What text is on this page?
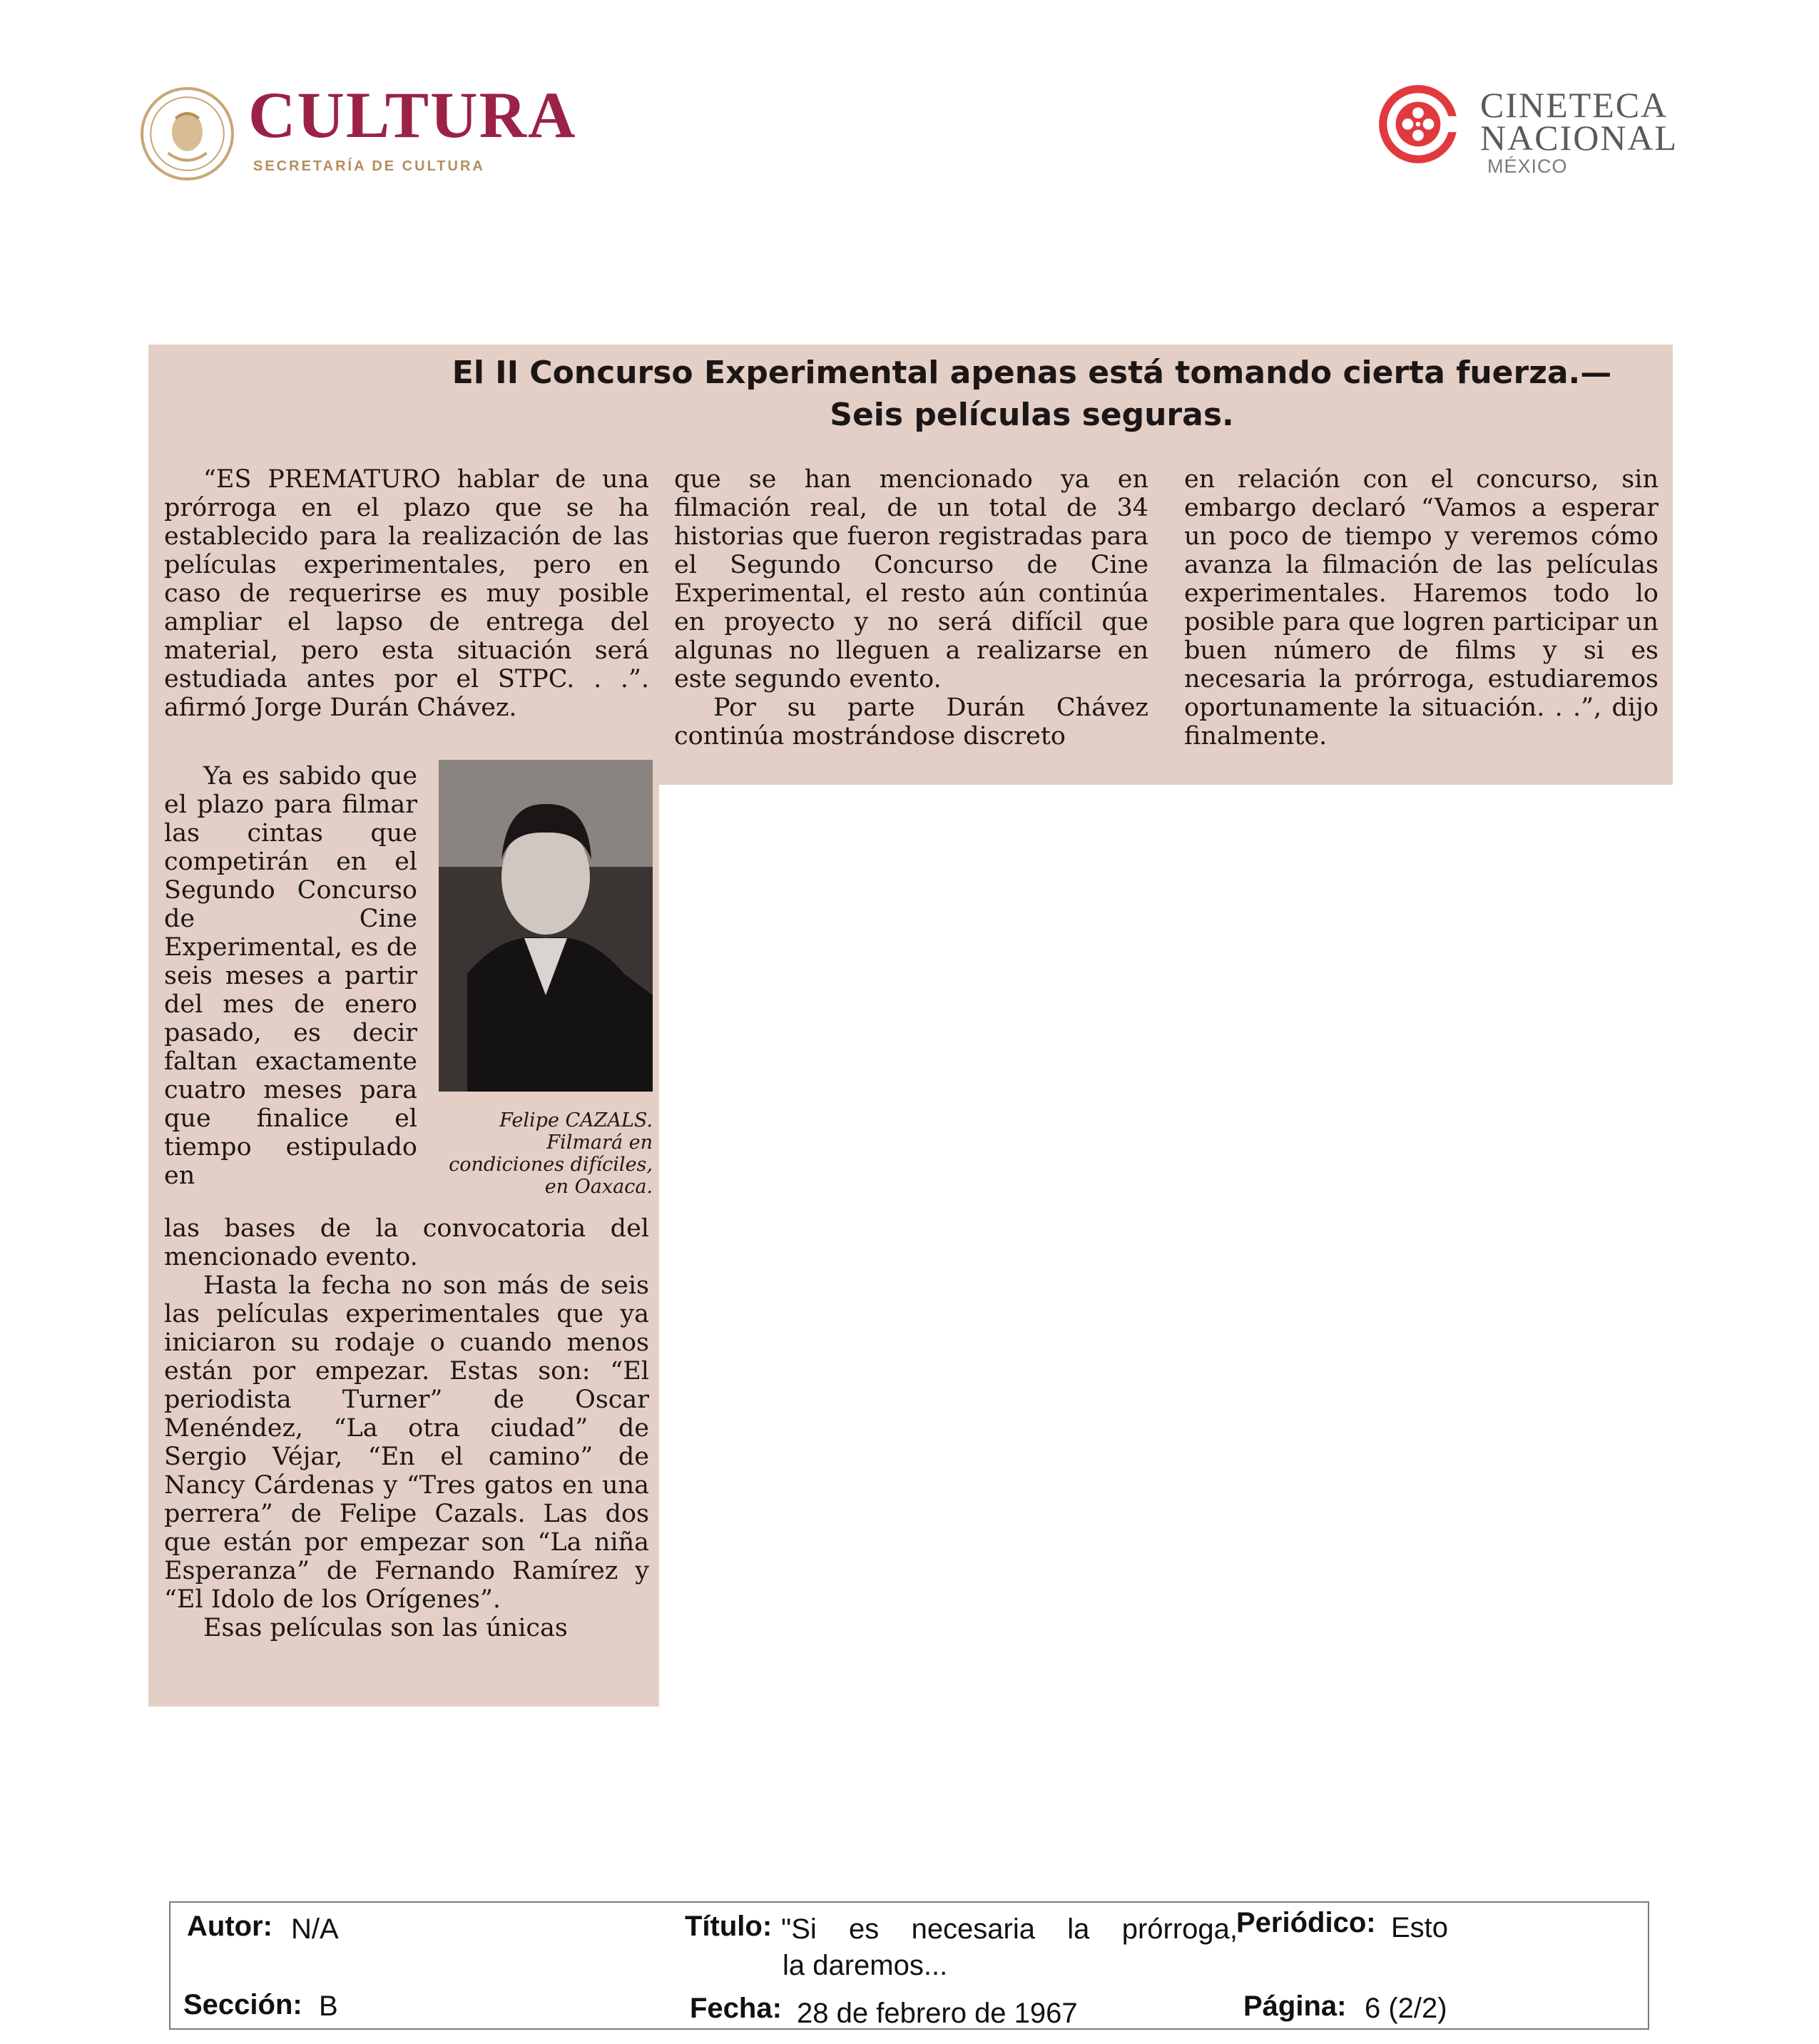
CULTURA
SECRETARÍA DE CULTURA
CINETECA
NACIONAL
MÉXICO
El II Concurso Experimental apenas está tomando cierta fuerza.—
Seis películas seguras.

“ES PREMATURO hablar de una prórroga en el plazo que se ha establecido para la realización de las películas experimentales, pero en caso de requerirse es muy posible ampliar el lapso de entrega del material, pero esta situación será estudiada antes por el STPC. . .”. afirmó Jorge Durán Chávez.

Ya es sabido que el plazo para filmar las cintas que competirán en el Segundo Concurso de Cine Experimental, es de seis meses a partir del mes de enero pasado, es decir faltan exactamente cuatro meses para que finalice el tiempo estipulado en

Felipe CAZALS. Filmará en condiciones difíciles, en Oaxaca.

las bases de la convocatoria del mencionado evento.

Hasta la fecha no son más de seis las películas experimentales que ya iniciaron su rodaje o cuando menos están por empezar. Estas son: “El periodista Turner” de Oscar Menéndez, “La otra ciudad” de Sergio Véjar, “En el camino” de Nancy Cárdenas y “Tres gatos en una perrera” de Felipe Cazals. Las dos que están por empezar son “La niña Esperanza” de Fernando Ramírez y “El Idolo de los Orígenes”.

Esas películas son las únicas

que se han mencionado ya en filmación real, de un total de 34 historias que fueron registradas para el Segundo Concurso de Cine Experimental, el resto aún continúa en proyecto y no será difícil que algunas no lleguen a realizarse en este segundo evento.

Por su parte Durán Chávez continúa mostrándose discreto

en relación con el concurso, sin embargo declaró “Vamos a esperar un poco de tiempo y veremos cómo avanza la filmación de las películas experimentales. Haremos todo lo posible para que logren participar un buen número de films y si es necesaria la prórroga, estudiaremos oportunamente la situación. . .”, dijo finalmente.

Autor: N/A	Título: "Si es necesaria la prórroga,
la daremos...
Periódico: Esto
Sección: B	Fecha: 28 de febrero de 1967	Página: 6 (2/2)
